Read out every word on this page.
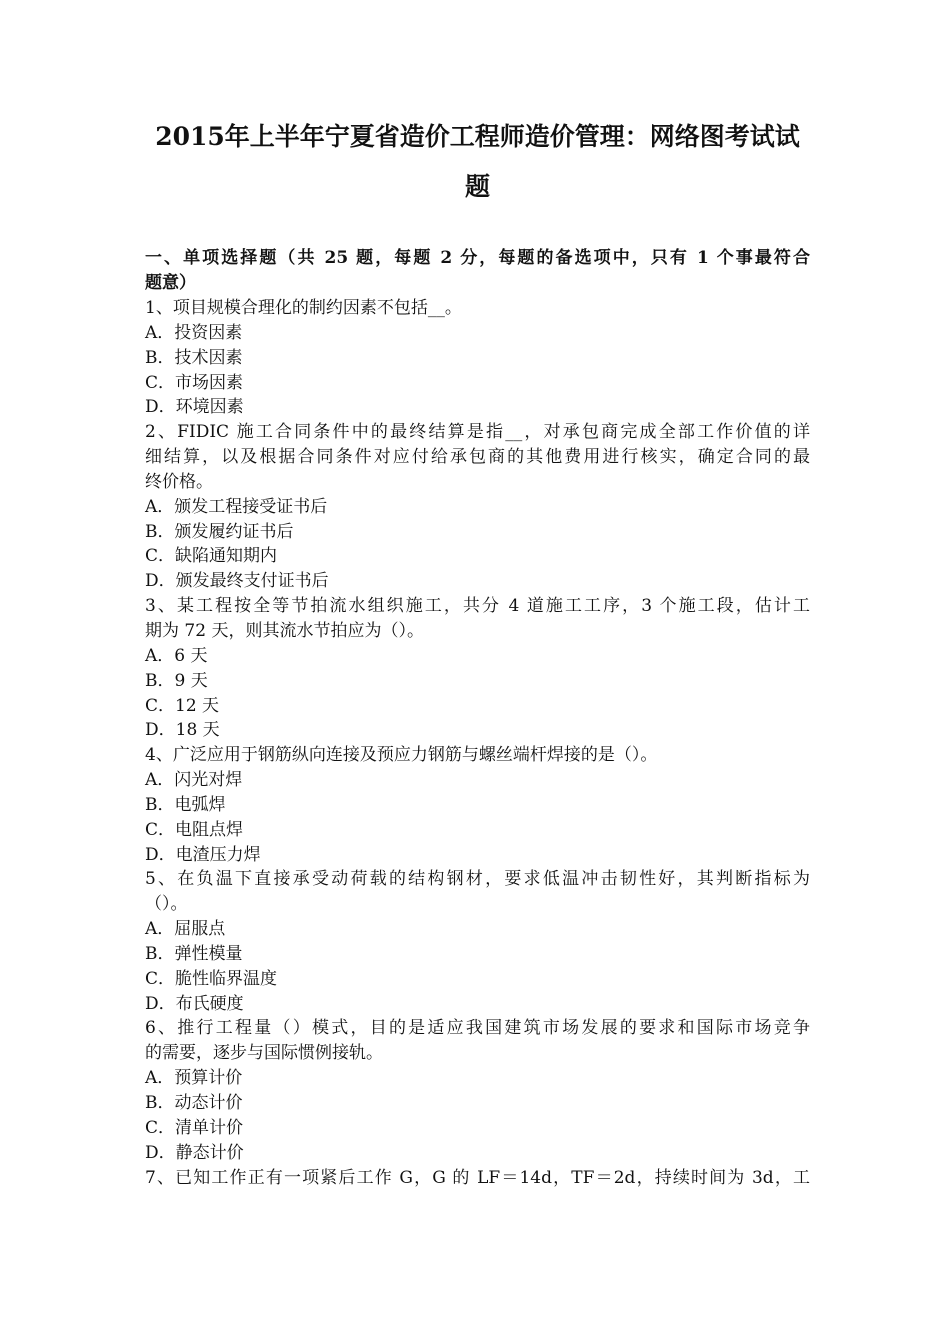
2015年上半年宁夏省造价工程师造价管理：网络图考试试
题
一、单项选择题（共 25 题，每题 2 分，每题的备选项中，只有 1 个事最符合
题意）
1、项目规模合理化的制约因素不包括__。
A．投资因素
B．技术因素
C．市场因素
D．环境因素
2、FIDIC 施工合同条件中的最终结算是指__，对承包商完成全部工作价值的详
细结算，以及根据合同条件对应付给承包商的其他费用进行核实，确定合同的最
终价格。
A．颁发工程接受证书后
B．颁发履约证书后
C．缺陷通知期内
D．颁发最终支付证书后
3、某工程按全等节拍流水组织施工，共分 4 道施工工序，3 个施工段，估计工
期为 72 天，则其流水节拍应为（）。
A．6 天
B．9 天
C．12 天
D．18 天
4、广泛应用于钢筋纵向连接及预应力钢筋与螺丝端杆焊接的是（）。
A．闪光对焊
B．电弧焊
C．电阻点焊
D．电渣压力焊
5、在负温下直接承受动荷载的结构钢材，要求低温冲击韧性好，其判断指标为
（）。
A．屈服点
B．弹性模量
C．脆性临界温度
D．布氏硬度
6、推行工程量（）模式，目的是适应我国建筑市场发展的要求和国际市场竞争
的需要，逐步与国际惯例接轨。
A．预算计价
B．动态计价
C．清单计价
D．静态计价
7、已知工作正有一项紧后工作 G，G 的 LF＝14d，TF＝2d，持续时间为 3d，工
